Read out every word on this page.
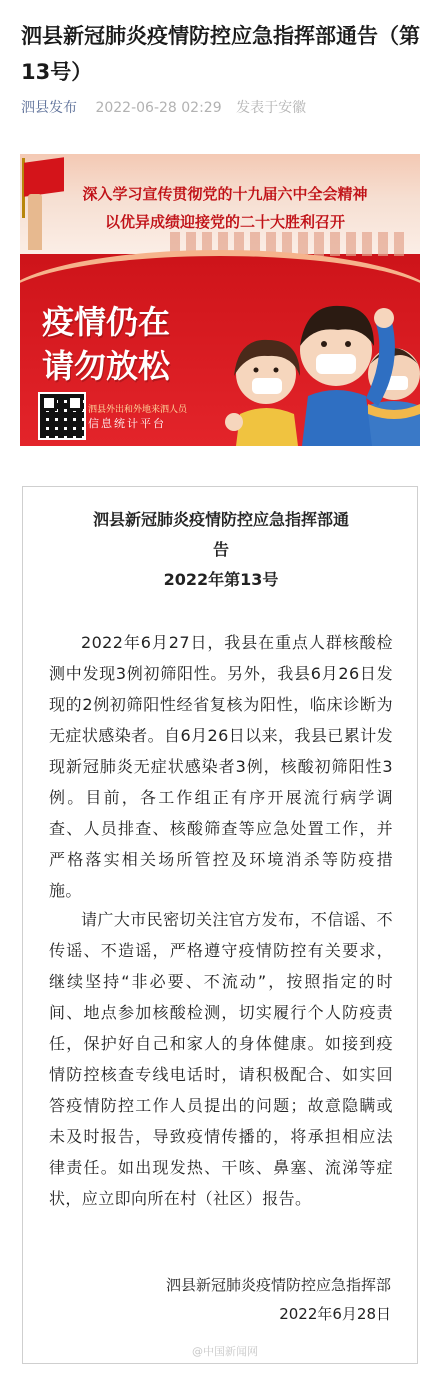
泗县新冠肺炎疫情防控应急指挥部通告（第13号）
泗县发布 2022-06-28 02:29 发表于安徽
深入学习宣传贯彻党的十九届六中全会精神
以优异成绩迎接党的二十大胜利召开
疫情仍在
请勿放松
泗县外出和外地来泗人员
信息统计平台
泗县新冠肺炎疫情防控应急指挥部通
告
2022年第13号

2022年6月27日，我县在重点人群核酸检测中发现3例初筛阳性。另外，我县6月26日发现的2例初筛阳性经省复核为阳性，临床诊断为无症状感染者。自6月26日以来，我县已累计发现新冠肺炎无症状感染者3例，核酸初筛阳性3例。目前，各工作组正有序开展流行病学调查、人员排查、核酸筛查等应急处置工作，并严格落实相关场所管控及环境消杀等防疫措施。

请广大市民密切关注官方发布，不信谣、不传谣、不造谣，严格遵守疫情防控有关要求，继续坚持“非必要、不流动”，按照指定的时间、地点参加核酸检测，切实履行个人防疫责任，保护好自己和家人的身体健康。如接到疫情防控核查专线电话时，请积极配合、如实回答疫情防控工作人员提出的问题；故意隐瞒或未及时报告，导致疫情传播的，将承担相应法律责任。如出现发热、干咳、鼻塞、流涕等症状，应立即向所在村（社区）报告。

泗县新冠肺炎疫情防控应急指挥部
2022年6月28日
@中国新闻网
